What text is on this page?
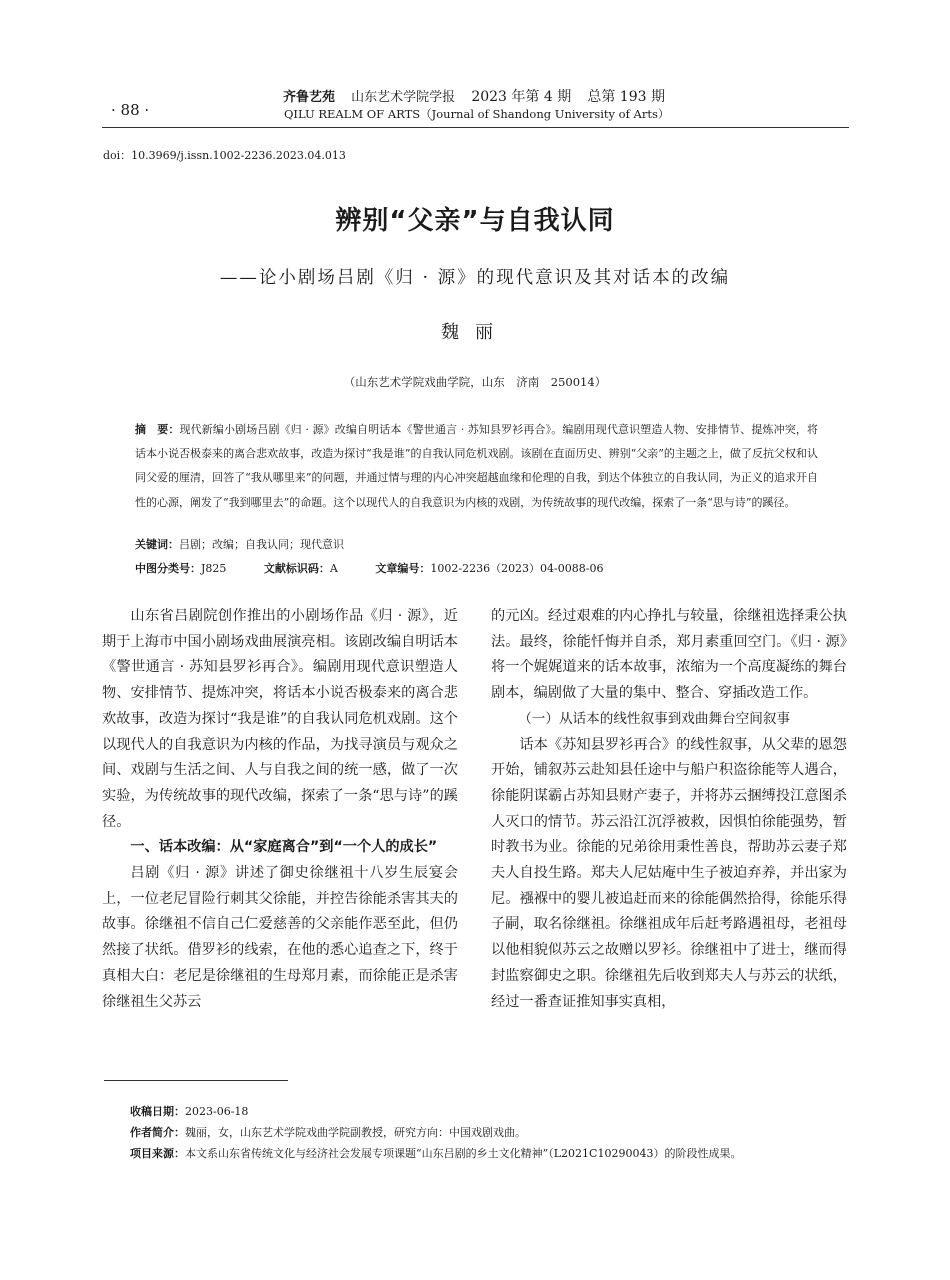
· 88 ·
齐鲁艺苑 山东艺术学院学报 2023 年第 4 期 总第 193 期
QILU REALM OF ARTS（Journal of Shandong University of Arts）
doi：10.3969/j.issn.1002-2236.2023.04.013
辨别“父亲”与自我认同
——论小剧场吕剧《归 · 源》的现代意识及其对话本的改编
魏丽
（山东艺术学院戏曲学院，山东　济南　250014）
摘　要：现代新编小剧场吕剧《归 · 源》改编自明话本《警世通言 · 苏知县罗衫再合》。编剧用现代意识塑造人物、安排情节、提炼冲突，将话本小说否极泰来的离合悲欢故事，改造为探讨“我是谁”的自我认同危机戏剧。该剧在直面历史、辨别“父亲”的主题之上，做了反抗父权和认同父爱的厘清，回答了“我从哪里来”的问题，并通过情与理的内心冲突超越血缘和伦理的自我，到达个体独立的自我认同，为正义的追求开自性的心源，阐发了“我到哪里去”的命题。这个以现代人的自我意识为内核的戏剧，为传统故事的现代改编，探索了一条“思与诗”的蹊径。
关键词：吕剧；改编；自我认同；现代意识
中图分类号：J825	文献标识码：A	文章编号：1002-2236（2023）04-0088-06

山东省吕剧院创作推出的小剧场作品《归 · 源》，近期于上海市中国小剧场戏曲展演亮相。该剧改编自明话本《警世通言 · 苏知县罗衫再合》。编剧用现代意识塑造人物、安排情节、提炼冲突，将话本小说否极泰来的离合悲欢故事，改造为探讨“我是谁”的自我认同危机戏剧。这个以现代人的自我意识为内核的作品，为找寻演员与观众之间、戏剧与生活之间、人与自我之间的统一感，做了一次实验，为传统故事的现代改编，探索了一条“思与诗”的蹊径。

一、话本改编：从“家庭离合”到“一个人的成长”

吕剧《归 · 源》讲述了御史徐继祖十八岁生辰宴会上，一位老尼冒险行刺其父徐能，并控告徐能杀害其夫的故事。徐继祖不信自己仁爱慈善的父亲能作恶至此，但仍然接了状纸。借罗衫的线索，在他的悉心追查之下，终于真相大白：老尼是徐继祖的生母郑月素，而徐能正是杀害徐继祖生父苏云

的元凶。经过艰难的内心挣扎与较量，徐继祖选择秉公执法。最终，徐能忏悔并自杀，郑月素重回空门。《归 · 源》将一个娓娓道来的话本故事，浓缩为一个高度凝练的舞台剧本，编剧做了大量的集中、整合、穿插改造工作。

（一）从话本的线性叙事到戏曲舞台空间叙事

话本《苏知县罗衫再合》的线性叙事，从父辈的恩怨开始，铺叙苏云赴知县任途中与船户积盗徐能等人遇合，徐能阴谋霸占苏知县财产妻子，并将苏云捆缚投江意图杀人灭口的情节。苏云沿江沉浮被救，因惧怕徐能强势，暂时教书为业。徐能的兄弟徐用秉性善良，帮助苏云妻子郑夫人自投生路。郑夫人尼姑庵中生子被迫弃养，并出家为尼。襁褓中的婴儿被追赶而来的徐能偶然拾得，徐能乐得子嗣，取名徐继祖。徐继祖成年后赶考路遇祖母，老祖母以他相貌似苏云之故赠以罗衫。徐继祖中了进士，继而得封监察御史之职。徐继祖先后收到郑夫人与苏云的状纸，经过一番查证推知事实真相，

收稿日期：2023-06-18
作者简介：魏丽，女，山东艺术学院戏曲学院副教授，研究方向：中国戏剧戏曲。
项目来源：本文系山东省传统文化与经济社会发展专项课题“山东吕剧的乡土文化精神”（L2021C10290043）的阶段性成果。
